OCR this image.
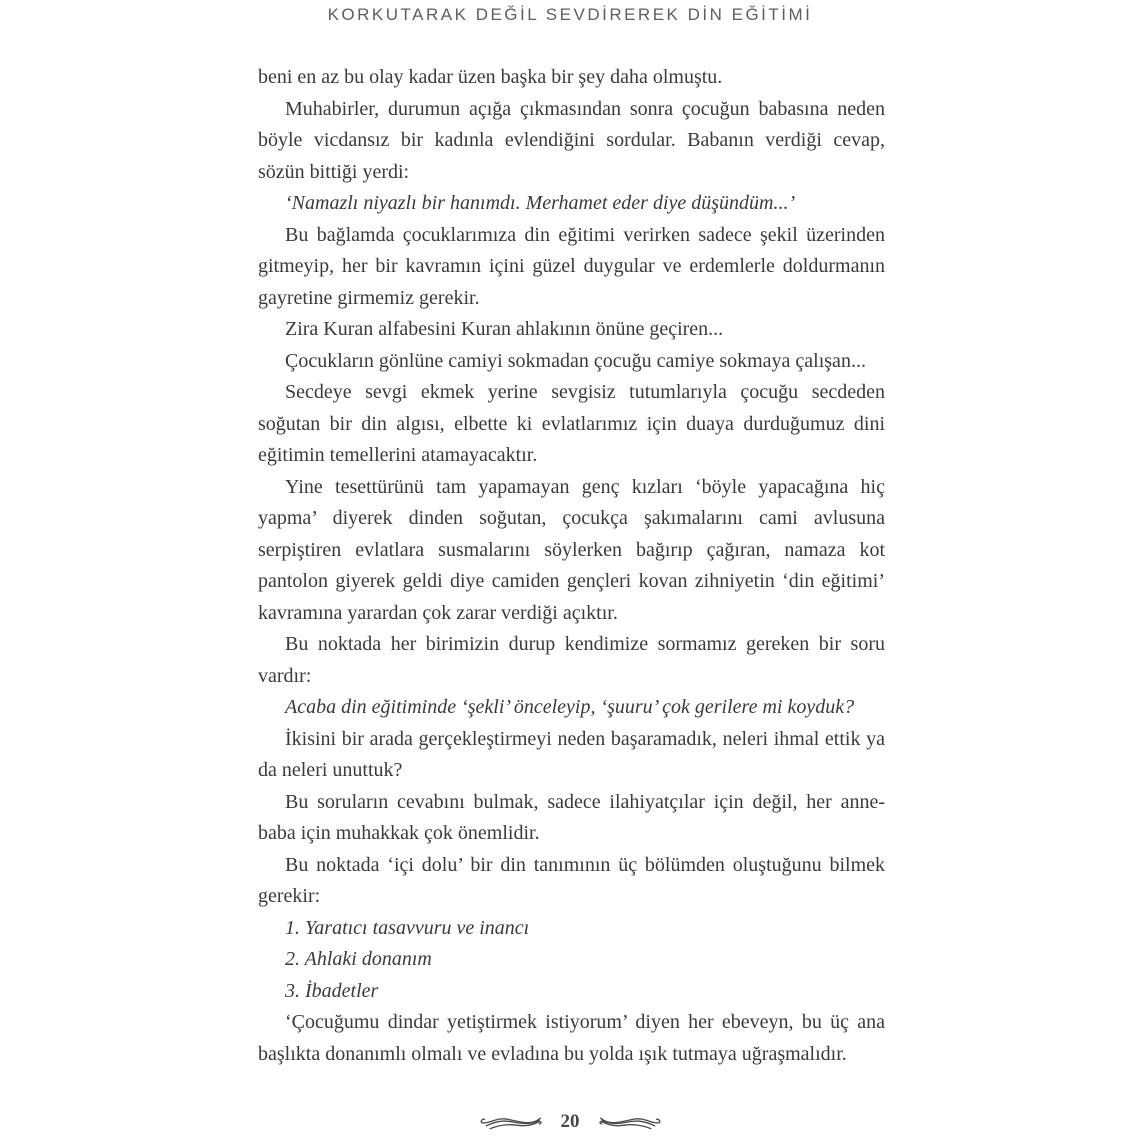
KORKUTARAK DEĞİL SEVDİREREK DİN EĞİTİMİ

beni en az bu olay kadar üzen başka bir şey daha olmuştu.

Muhabirler, durumun açığa çıkmasından sonra çocuğun babasına neden böyle vicdansız bir kadınla evlendiğini sordular. Babanın verdiği cevap, sözün bittiği yerdi:

‘Namazlı niyazlı bir hanımdı. Merhamet eder diye düşündüm...’

Bu bağlamda çocuklarımıza din eğitimi verirken sadece şekil üzerinden gitmeyip, her bir kavramın içini güzel duygular ve erdemlerle doldurmanın gayretine girmemiz gerekir.

Zira Kuran alfabesini Kuran ahlakının önüne geçiren...

Çocukların gönlüne camiyi sokmadan çocuğu camiye sokmaya çalışan...

Secdeye sevgi ekmek yerine sevgisiz tutumlarıyla çocuğu secdeden soğutan bir din algısı, elbette ki evlatlarımız için duaya durduğumuz dini eğitimin temellerini atamayacaktır.

Yine tesettürünü tam yapamayan genç kızları ‘böyle yapacağına hiç yapma’ diyerek dinden soğutan, çocukça şakımalarını cami avlusuna serpiştiren evlatlara susmalarını söylerken bağırıp çağıran, namaza kot pantolon giyerek geldi diye camiden gençleri kovan zihniyetin ‘din eğitimi’ kavramına yarardan çok zarar verdiği açıktır.

Bu noktada her birimizin durup kendimize sormamız gereken bir soru vardır:

Acaba din eğitiminde ‘şekli’ önceleyip, ‘şuuru’ çok gerilere mi koyduk?

İkisini bir arada gerçekleştirmeyi neden başaramadık, neleri ihmal ettik ya da neleri unuttuk?

Bu soruların cevabını bulmak, sadece ilahiyatçılar için değil, her anne-baba için muhakkak çok önemlidir.

Bu noktada ‘içi dolu’ bir din tanımının üç bölümden oluştuğunu bilmek gerekir:

1. Yaratıcı tasavvuru ve inancı

2. Ahlaki donanım

3. İbadetler

‘Çocuğumu dindar yetiştirmek istiyorum’ diyen her ebeveyn, bu üç ana başlıkta donanımlı olmalı ve evladına bu yolda ışık tutmaya uğraşmalıdır.

20
